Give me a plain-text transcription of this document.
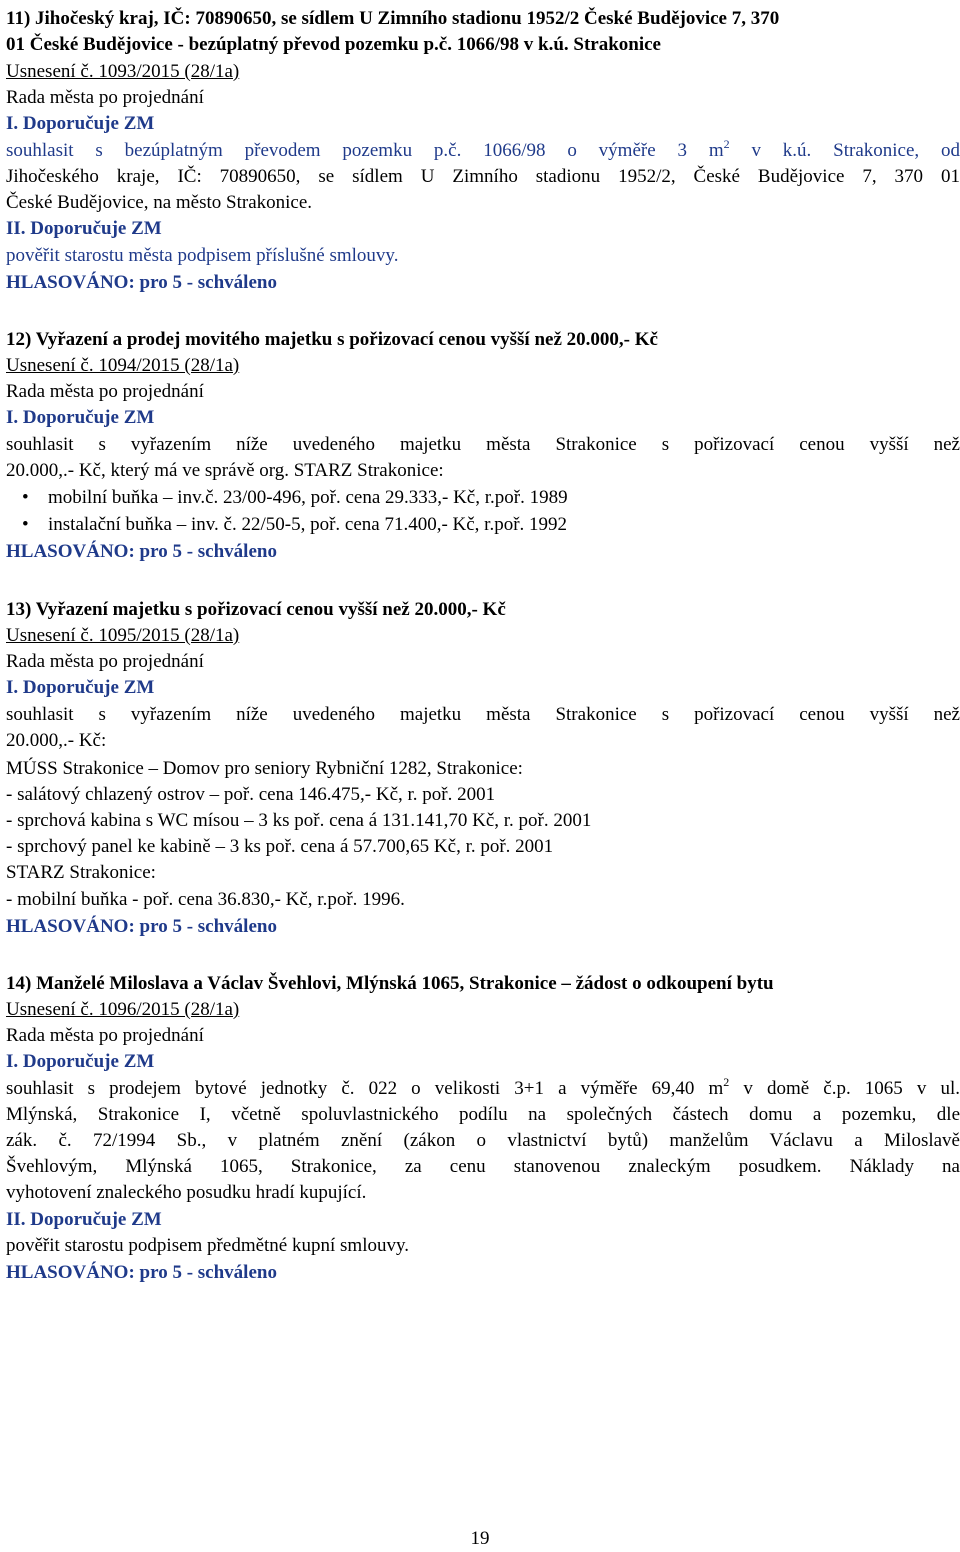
11) Jihočeský kraj, IČ: 70890650, se sídlem U Zimního stadionu 1952/2 České Budějovice 7, 370
01 České Budějovice - bezúplatný převod pozemku p.č. 1066/98 v k.ú. Strakonice
Usnesení č. 1093/2015 (28/1a)
Rada města po projednání
I. Doporučuje ZM
souhlasit s bezúplatným převodem pozemku p.č. 1066/98 o výměře 3 $m^2$ v k.ú. Strakonice, od
Jihočeského kraje, IČ: 70890650, se sídlem U Zimního stadionu 1952/2, České Budějovice 7, 370 01
České Budějovice, na město Strakonice.
II. Doporučuje ZM
pověřit starostu města podpisem příslušné smlouvy.
HLASOVÁNO: pro 5 - schváleno
12) Vyřazení a prodej movitého majetku s pořizovací cenou vyšší než 20.000,- Kč
Usnesení č. 1094/2015 (28/1a)
Rada města po projednání
I. Doporučuje ZM
souhlasit s vyřazením níže uvedeného majetku města Strakonice s pořizovací cenou vyšší než
20.000,.- Kč, který má ve správě org. STARZ Strakonice:
• mobilní buňka – inv.č. 23/00-496, poř. cena 29.333,- Kč, r.poř. 1989
• instalační buňka – inv. č. 22/50-5, poř. cena 71.400,- Kč, r.poř. 1992
HLASOVÁNO: pro 5 - schváleno
13) Vyřazení majetku s pořizovací cenou vyšší než 20.000,- Kč
Usnesení č. 1095/2015 (28/1a)
Rada města po projednání
I. Doporučuje ZM
souhlasit s vyřazením níže uvedeného majetku města Strakonice s pořizovací cenou vyšší než
20.000,.- Kč:
MÚSS Strakonice – Domov pro seniory Rybniční 1282, Strakonice:
- salátový chlazený ostrov – poř. cena 146.475,- Kč, r. poř. 2001
- sprchová kabina s WC mísou – 3 ks poř. cena á 131.141,70 Kč, r. poř. 2001
- sprchový panel ke kabině – 3 ks poř. cena á 57.700,65 Kč, r. poř. 2001
STARZ Strakonice:
- mobilní buňka - poř. cena 36.830,- Kč, r.poř. 1996.
HLASOVÁNO: pro 5 - schváleno
14) Manželé Miloslava a Václav Švehlovi, Mlýnská 1065, Strakonice – žádost o odkoupení bytu
Usnesení č. 1096/2015 (28/1a)
Rada města po projednání
I. Doporučuje ZM
souhlasit s prodejem bytové jednotky č. 022 o velikosti 3+1 a výměře 69,40 $m^2$ v domě č.p. 1065 v ul.
Mlýnská, Strakonice I, včetně spoluvlastnického podílu na společných částech domu a pozemku, dle
zák. č. 72/1994 Sb., v platném znění (zákon o vlastnictví bytů) manželům Václavu a Miloslavě
Švehlovým, Mlýnská 1065, Strakonice, za cenu stanovenou znaleckým posudkem. Náklady na
vyhotovení znaleckého posudku hradí kupující.
II. Doporučuje ZM
pověřit starostu podpisem předmětné kupní smlouvy.
HLASOVÁNO: pro 5 - schváleno
19
